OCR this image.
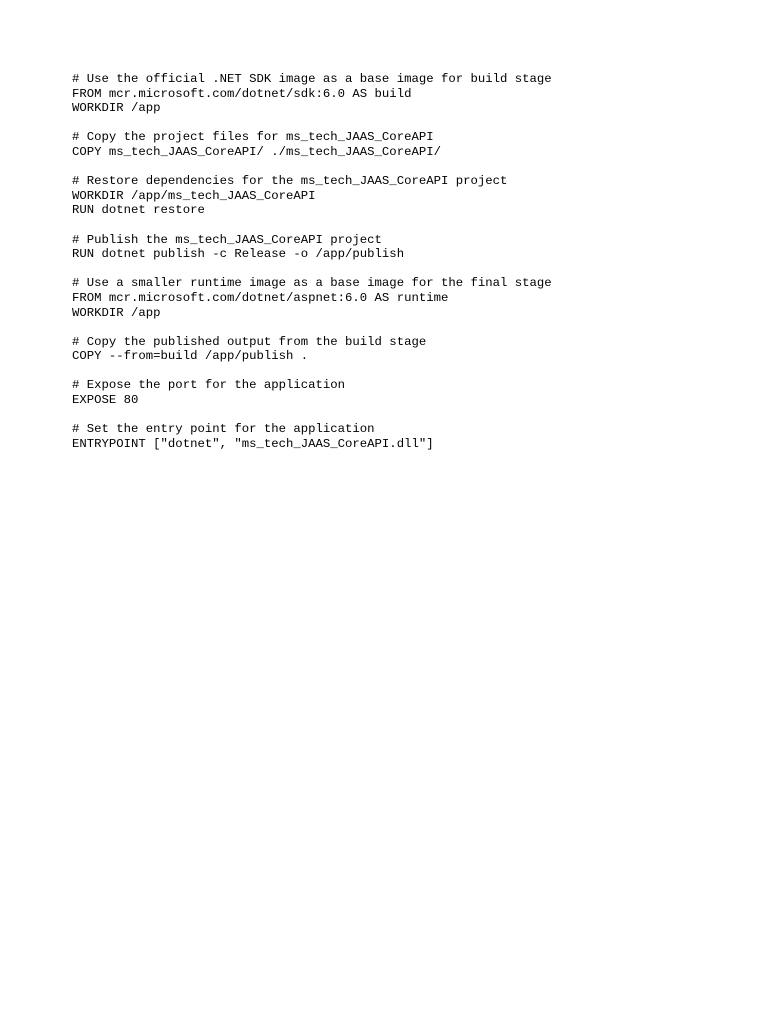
# Use the official .NET SDK image as a base image for build stage
FROM mcr.microsoft.com/dotnet/sdk:6.0 AS build
WORKDIR /app
# Copy the project files for ms_tech_JAAS_CoreAPI
COPY ms_tech_JAAS_CoreAPI/ ./ms_tech_JAAS_CoreAPI/
# Restore dependencies for the ms_tech_JAAS_CoreAPI project
WORKDIR /app/ms_tech_JAAS_CoreAPI
RUN dotnet restore
# Publish the ms_tech_JAAS_CoreAPI project
RUN dotnet publish -c Release -o /app/publish
# Use a smaller runtime image as a base image for the final stage
FROM mcr.microsoft.com/dotnet/aspnet:6.0 AS runtime
WORKDIR /app
# Copy the published output from the build stage
COPY --from=build /app/publish .
# Expose the port for the application
EXPOSE 80
# Set the entry point for the application
ENTRYPOINT ["dotnet", "ms_tech_JAAS_CoreAPI.dll"]
